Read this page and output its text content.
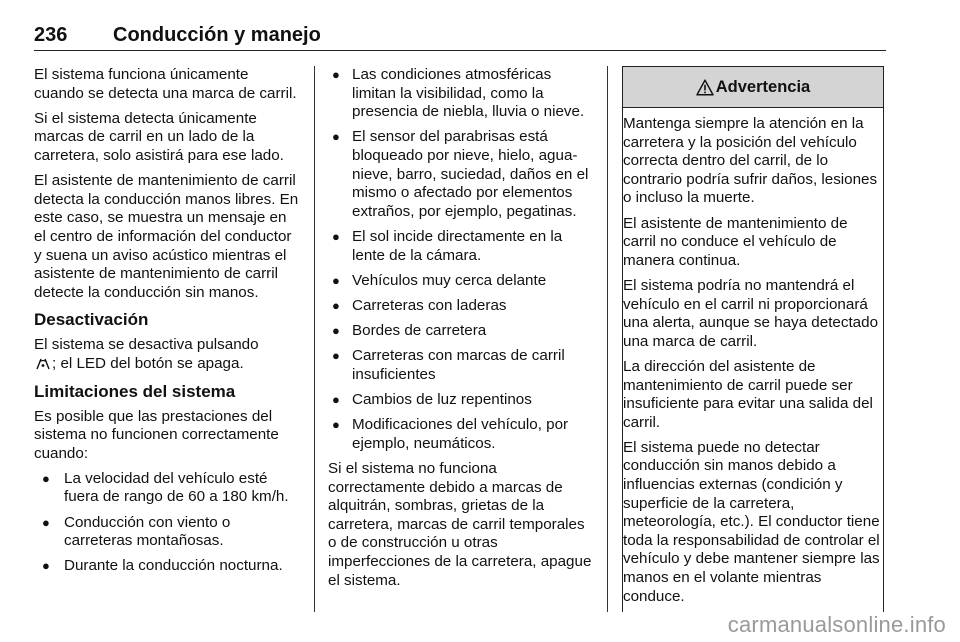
236 Conducción y manejo

El sistema funciona únicamente cuando se detecta una marca de carril.

Si el sistema detecta únicamente marcas de carril en un lado de la carretera, solo asistirá para ese lado.

El asistente de mantenimiento de carril detecta la conducción manos libres. En este caso, se muestra un mensaje en el centro de información del conductor y suena un aviso acústico mientras el asistente de mantenimiento de carril detecte la conducción sin manos.

Desactivación

El sistema se desactiva pulsando
; el LED del botón se apaga.

Limitaciones del sistema

Es posible que las prestaciones del sistema no funcionen correctamente cuando:

● La velocidad del vehículo esté fuera de rango de 60 a 180 km/h.
● Conducción con viento o carreteras montañosas.
● Durante la conducción nocturna.
● Las condiciones atmosféricas limitan la visibilidad, como la presencia de niebla, lluvia o nieve.
● El sensor del parabrisas está bloqueado por nieve, hielo, agua-nieve, barro, suciedad, daños en el mismo o afectado por elementos extraños, por ejemplo, pegatinas.
● El sol incide directamente en la lente de la cámara.
● Vehículos muy cerca delante
● Carreteras con laderas
● Bordes de carretera
● Carreteras con marcas de carril insuficientes
● Cambios de luz repentinos
● Modificaciones del vehículo, por ejemplo, neumáticos.

Si el sistema no funciona correctamente debido a marcas de alquitrán, sombras, grietas de la carretera, marcas de carril temporales o de construcción u otras imperfecciones de la carretera, apague el sistema.

Advertencia

Mantenga siempre la atención en la carretera y la posición del vehículo correcta dentro del carril, de lo contrario podría sufrir daños, lesiones o incluso la muerte.

El asistente de mantenimiento de carril no conduce el vehículo de manera continua.

El sistema podría no mantendrá el vehículo en el carril ni proporcionará una alerta, aunque se haya detectado una marca de carril.

La dirección del asistente de mantenimiento de carril puede ser insuficiente para evitar una salida del carril.

El sistema puede no detectar conducción sin manos debido a influencias externas (condición y superficie de la carretera, meteorología, etc.). El conductor tiene toda la responsabilidad de controlar el vehículo y debe mantener siempre las manos en el volante mientras conduce.

carmanualsonline.info
